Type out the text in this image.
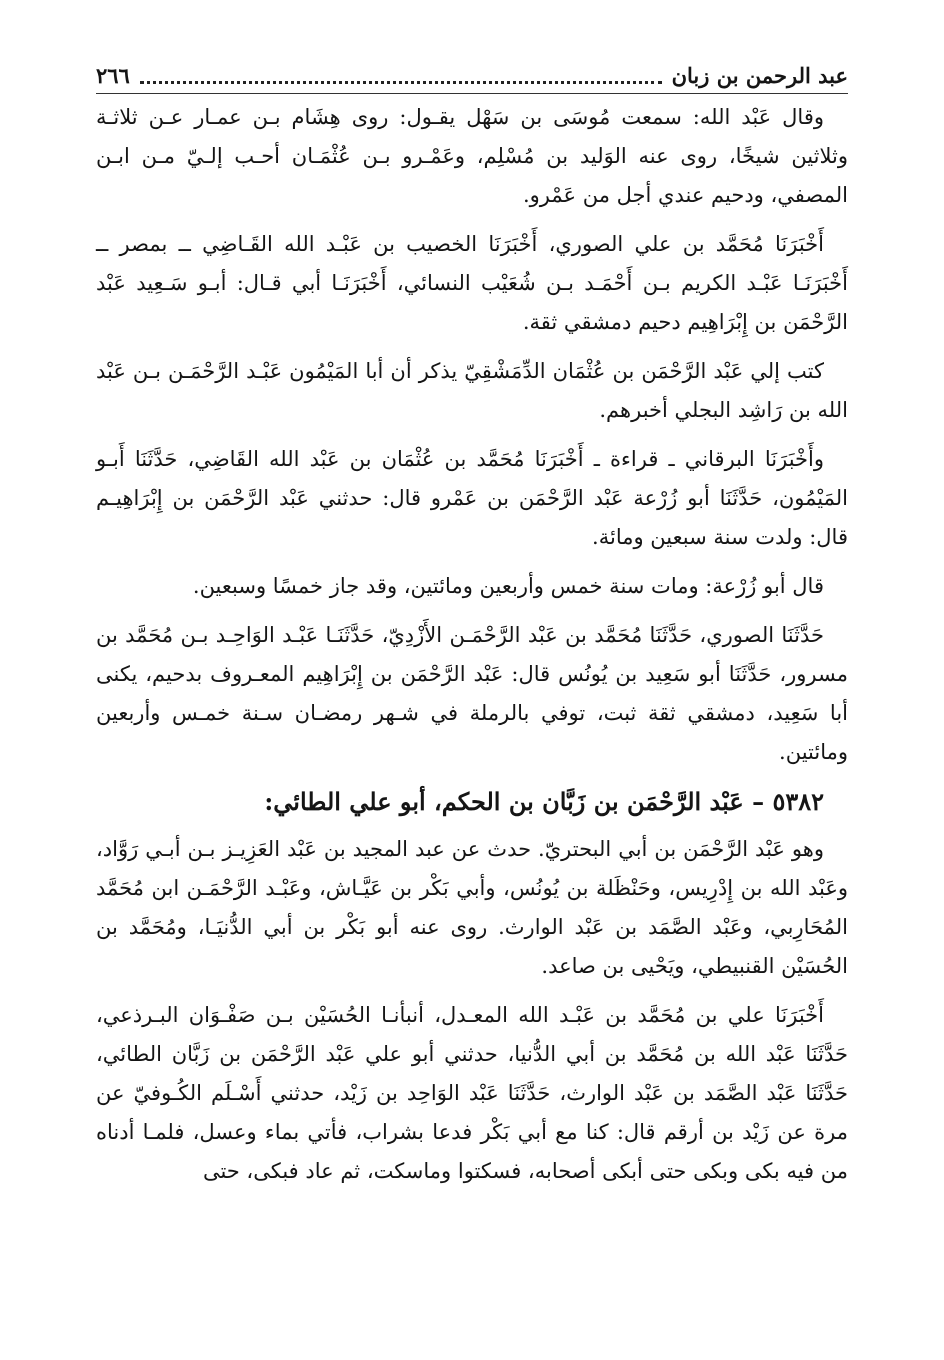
عبد الرحمن بن زبان
٢٦٦

وقال عَبْد الله: سمعت مُوسَى بن سَهْل يقـول: روى هِشَام بـن عمـار عـن ثلاثـة وثلاثين شيخًا، روى عنه الوَليد بن مُسْلِم، وعَمْـرو بـن عُثْمَـان أحـب إلـيّ مـن ابـن المصفي، ودحيم عندي أجل من عَمْرو.

أَخْبَرَنَا مُحَمَّد بن علي الصوري، أَخْبَرَنَا الخصيب بن عَبْـد الله القَـاضِي ــ بمصر ــ أَخْبَرَنَـا عَبْـد الكريم بـن أَحْمَـد بـن شُعَيْب النسائي، أَخْبَرَنَـا أبي قـال: أبـو سَـعِيد عَبْد الرَّحْمَن بن إِبْرَاهِيم دحيم دمشقي ثقة.

كتب إلي عَبْد الرَّحْمَن بن عُثْمَان الدِّمَشْقِيّ يذكر أن أبا المَيْمُون عَبْـد الرَّحْمَـن بـن عَبْد الله بن رَاشِد البجلي أخبرهم.

وأَخْبَرَنَا البرقاني ـ قراءة ـ أَخْبَرَنَا مُحَمَّد بن عُثْمَان بن عَبْد الله القَاضِي، حَدَّثَنَا أَبـو المَيْمُون، حَدَّثَنَا أبو زُرْعة عَبْد الرَّحْمَن بن عَمْرو قال: حدثني عَبْد الرَّحْمَن بن إِبْرَاهِيـم قال: ولدت سنة سبعين ومائة.

قال أبو زُرْعة: ومات سنة خمس وأربعين ومائتين، وقد جاز خمسًا وسبعين.

حَدَّثَنَا الصوري، حَدَّثَنَا مُحَمَّد بن عَبْد الرَّحْمَـن الأَزْدِيّ، حَدَّثَنَـا عَبْـد الوَاحِـد بـن مُحَمَّد بن مسرور، حَدَّثَنَا أبو سَعِيد بن يُونُس قال: عَبْد الرَّحْمَن بن إِبْرَاهِيم المعـروف بدحيم، يكنى أبا سَعِيد، دمشقي ثقة ثبت، توفي بالرملة في شـهر رمضـان سـنة خمـس وأربعين ومائتين.

٥٣٨٢ – عَبْد الرَّحْمَن بن زَبَّان بن الحكم، أبو علي الطائي:

وهو عَبْد الرَّحْمَن بن أبي البحتريّ. حدث عن عبد المجيد بن عَبْد العَزِيـز بـن أبـي رَوَّاد، وعَبْد الله بن إِدْرِيس، وحَنْظَلة بن يُونُس، وأبي بَكْر بن عَيَّـاش، وعَبْـد الرَّحْمَـن ابن مُحَمَّد المُحَارِبي، وعَبْد الصَّمَد بن عَبْد الوارث. روى عنه أبو بَكْر بن أبي الدُّنيَـا، ومُحَمَّد بن الحُسَيْن القنبيطي، ويَحْيى بن صاعد.

أَخْبَرَنَا علي بن مُحَمَّد بن عَبْـد الله المعـدل، أنبأنـا الحُسَيْن بـن صَفْـوَان البـرذعي، حَدَّثَنَا عَبْد الله بن مُحَمَّد بن أبي الدُّنيا، حدثني أبو علي عَبْد الرَّحْمَن بن زَبَّان الطائي، حَدَّثَنَا عَبْد الصَّمَد بن عَبْد الوارث، حَدَّثَنَا عَبْد الوَاحِد بن زَيْد، حدثني أَسْـلَم الكُـوفيّ عن مرة عن زَيْد بن أرقم قال: كنا مع أبي بَكْر فدعا بشراب، فأتي بماء وعسل، فلمـا أدناه من فيه بكى وبكى حتى أبكى أصحابه، فسكتوا وماسكت، ثم عاد فبكى، حتى
